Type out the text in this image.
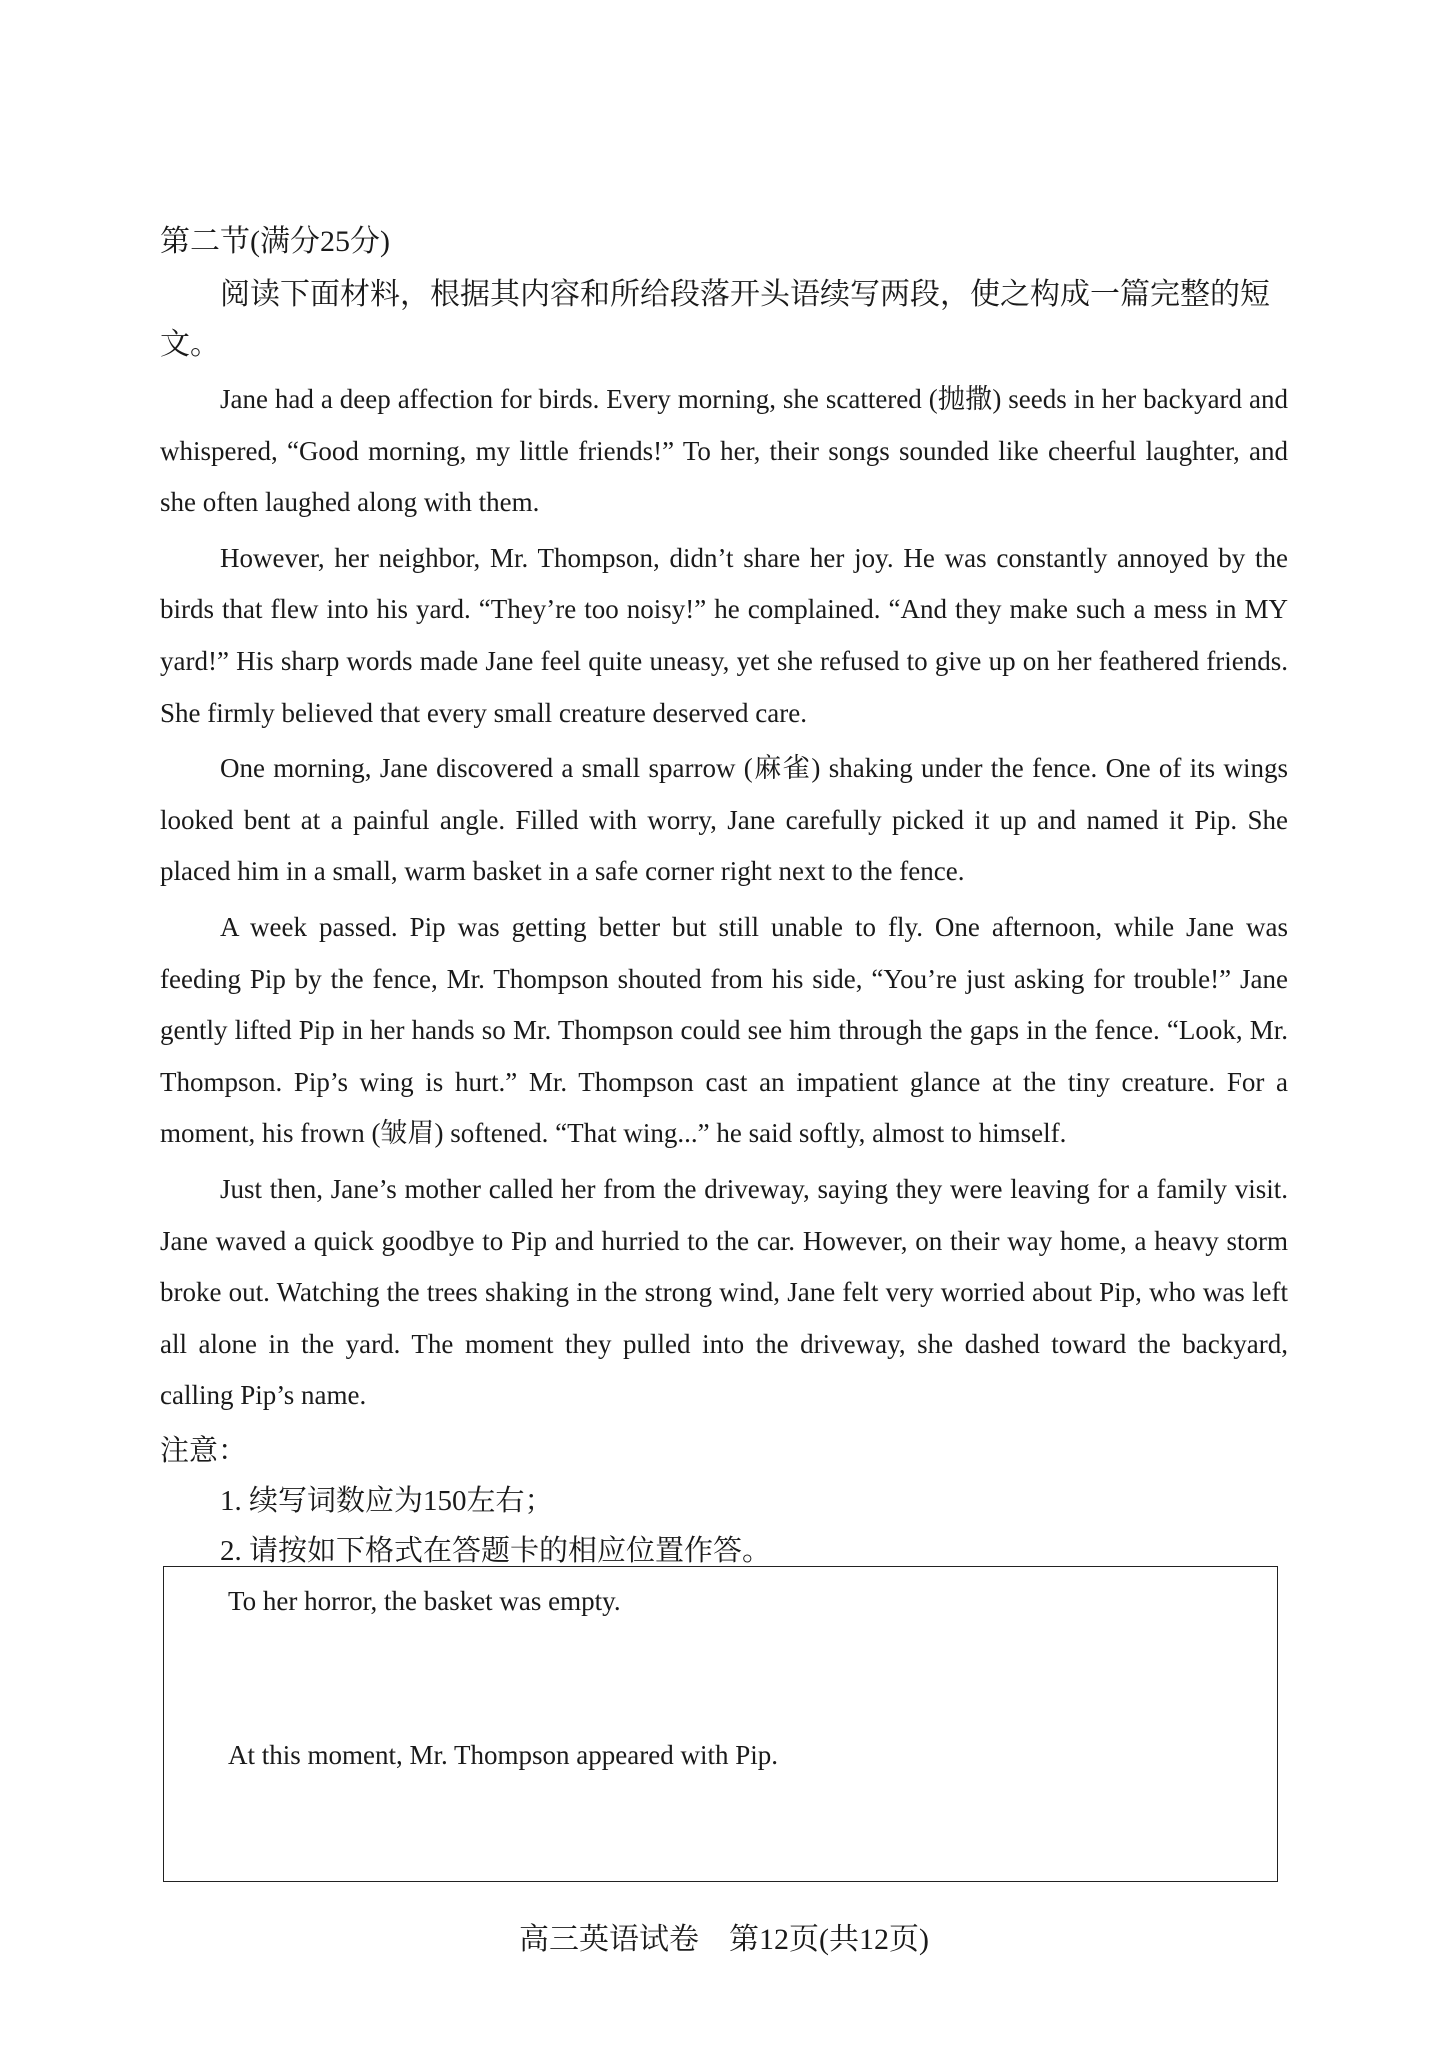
第二节(满分25分)

阅读下面材料，根据其内容和所给段落开头语续写两段，使之构成一篇完整的短文。

Jane had a deep affection for birds. Every morning, she scattered (抛撒) seeds in her backyard and whispered, “Good morning, my little friends!” To her, their songs sounded like cheerful laughter, and she often laughed along with them.

However, her neighbor, Mr. Thompson, didn’t share her joy. He was constantly annoyed by the birds that flew into his yard. “They’re too noisy!” he complained. “And they make such a mess in MY yard!” His sharp words made Jane feel quite uneasy, yet she refused to give up on her feathered friends. She firmly believed that every small creature deserved care.

One morning, Jane discovered a small sparrow (麻雀) shaking under the fence. One of its wings looked bent at a painful angle. Filled with worry, Jane carefully picked it up and named it Pip. She placed him in a small, warm basket in a safe corner right next to the fence.

A week passed. Pip was getting better but still unable to fly. One afternoon, while Jane was feeding Pip by the fence, Mr. Thompson shouted from his side, “You’re just asking for trouble!” Jane gently lifted Pip in her hands so Mr. Thompson could see him through the gaps in the fence. “Look, Mr. Thompson. Pip’s wing is hurt.” Mr. Thompson cast an impatient glance at the tiny creature. For a moment, his frown (皱眉) softened. “That wing...” he said softly, almost to himself.

Just then, Jane’s mother called her from the driveway, saying they were leaving for a family visit. Jane waved a quick goodbye to Pip and hurried to the car. However, on their way home, a heavy storm broke out. Watching the trees shaking in the strong wind, Jane felt very worried about Pip, who was left all alone in the yard. The moment they pulled into the driveway, she dashed toward the backyard, calling Pip’s name.

注意：

1. 续写词数应为150左右；

2. 请按如下格式在答题卡的相应位置作答。

To her horror, the basket was empty.

At this moment, Mr. Thompson appeared with Pip.

高三英语试卷　第12页(共12页)
